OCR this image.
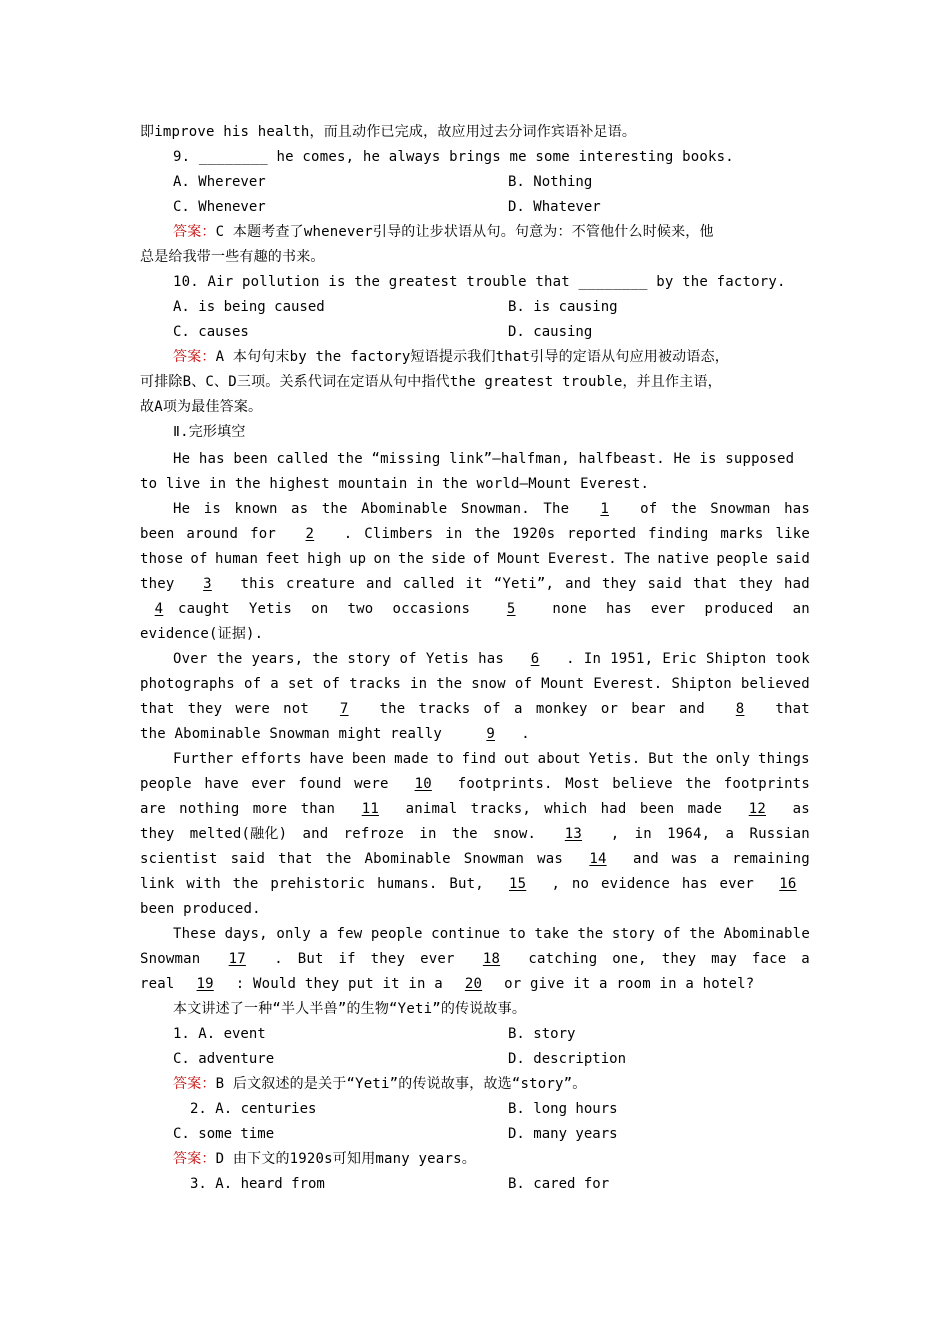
即improve his health，而且动作已完成，故应用过去分词作宾语补足语。
9. ________ he comes, he always brings me some interesting books.
A. Wherever	B. Nothing
C. Whenever	D. Whatever
答案：C 本题考查了whenever引导的让步状语从句。句意为：不管他什么时候来，他
总是给我带一些有趣的书来。
10. Air pollution is the greatest trouble that ________ by the factory.
A. is being caused	B. is causing
C. causes	D. causing
答案：A 本句句末by the factory短语提示我们that引导的定语从句应用被动语态，
可排除B、C、D三项。关系代词在定语从句中指代the greatest trouble，并且作主语，
故A项为最佳答案。
Ⅱ.完形填空
He has been called the “missing link”—halfman, halfbeast. He is supposed
to live in the highest mountain in the world—Mount Everest.
He is known as the Abominable Snowman. The	1	of the Snowman has
been around for	2	. Climbers in the 1920s reported finding marks like
those of human feet high up on the side of Mount Everest. The native people said
they	3	this creature and called it “Yeti”, and they said that they had
4 caught Yetis on two occasions	5	none has ever produced an
evidence(证据).
Over the years, the story of Yetis has	6	. In 1951, Eric Shipton took
photographs of a set of tracks in the snow of Mount Everest. Shipton believed
that they were not	7	the tracks of a monkey or bear and	8	that
the Abominable Snowman might really	9 .
Further efforts have been made to find out about Yetis. But the only things
people have ever found were	10	footprints. Most believe the footprints
are nothing more than	11	animal tracks, which had been made	12	as
they melted(融化) and refroze in the snow.	13	, in 1964, a Russian
scientist said that the Abominable Snowman was	14	and was a remaining
link with the prehistoric humans. But,	15	, no evidence has ever	16
been produced.
These days, only a few people continue to take the story of the Abominable
Snowman	17	. But if they ever	18	catching one, they may face a
real 19 : Would they put it in a 20 or give it a room in a hotel?
本文讲述了一种“半人半兽”的生物“Yeti”的传说故事。
1. A. event	B. story
C. adventure	D. description
答案：B 后文叙述的是关于“Yeti”的传说故事，故选“story”。
2. A. centuries	B. long hours
C. some time	D. many years
答案：D 由下文的1920s可知用many years。
3. A. heard from	B. cared for
